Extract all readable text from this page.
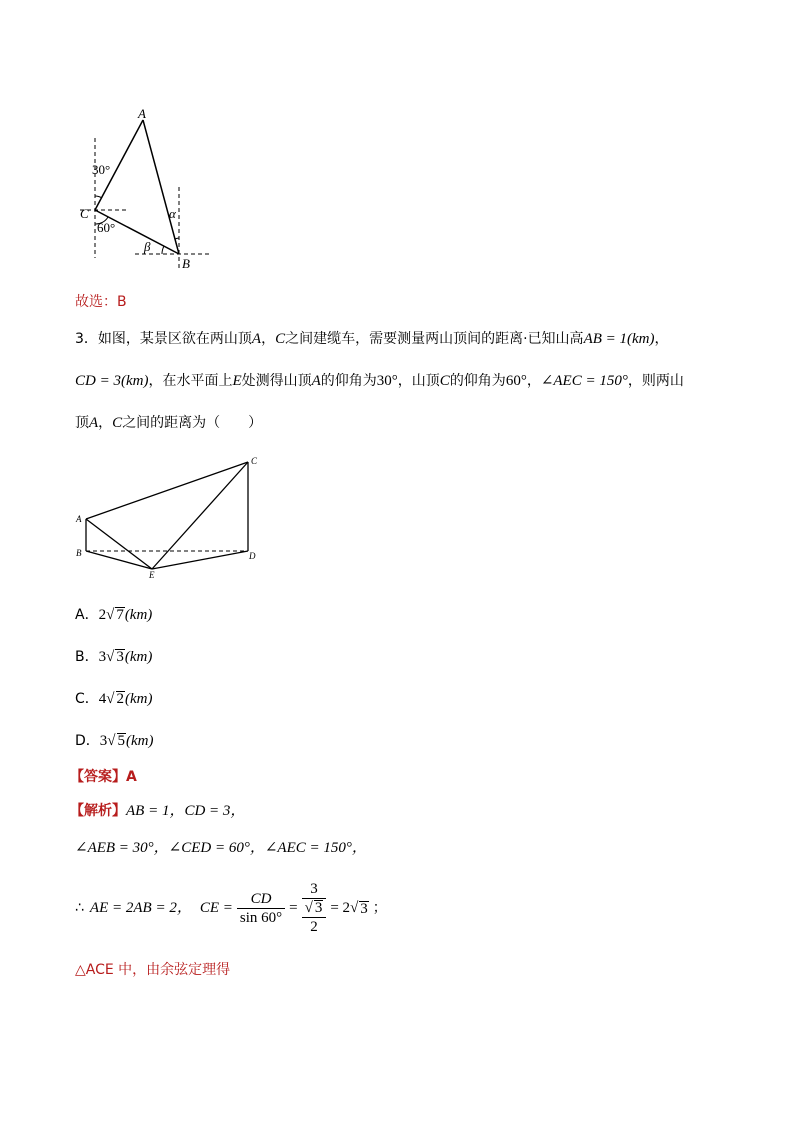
A
C
B
30°
60°
α
β
故选：B
3．如图，某景区欲在两山顶A，C之间建缆车，需要测量两山顶间的距离·已知山高AB = 1(km)，
CD = 3(km)，在水平面上E处测得山顶A的仰角为30°，山顶C的仰角为60°，∠AEC = 150°，则两山
顶A，C之间的距离为（　　）
A
B
C
D
E
A．2√ 7(km)
B．3√ 3(km)
C．4√ 2(km)
D．3√ 5(km)
【答案】A
【解析】AB = 1，CD = 3，
∠AEB = 30°，∠CED = 60°，∠AEC = 150°，
∴ AE = 2AB = 2， CE = $\frac{CD}{\sin 60^\circ} = \frac{3}{\frac{√ 3}{2}} = 2$ √ 3 ；
△ACE 中，由余弦定理得
